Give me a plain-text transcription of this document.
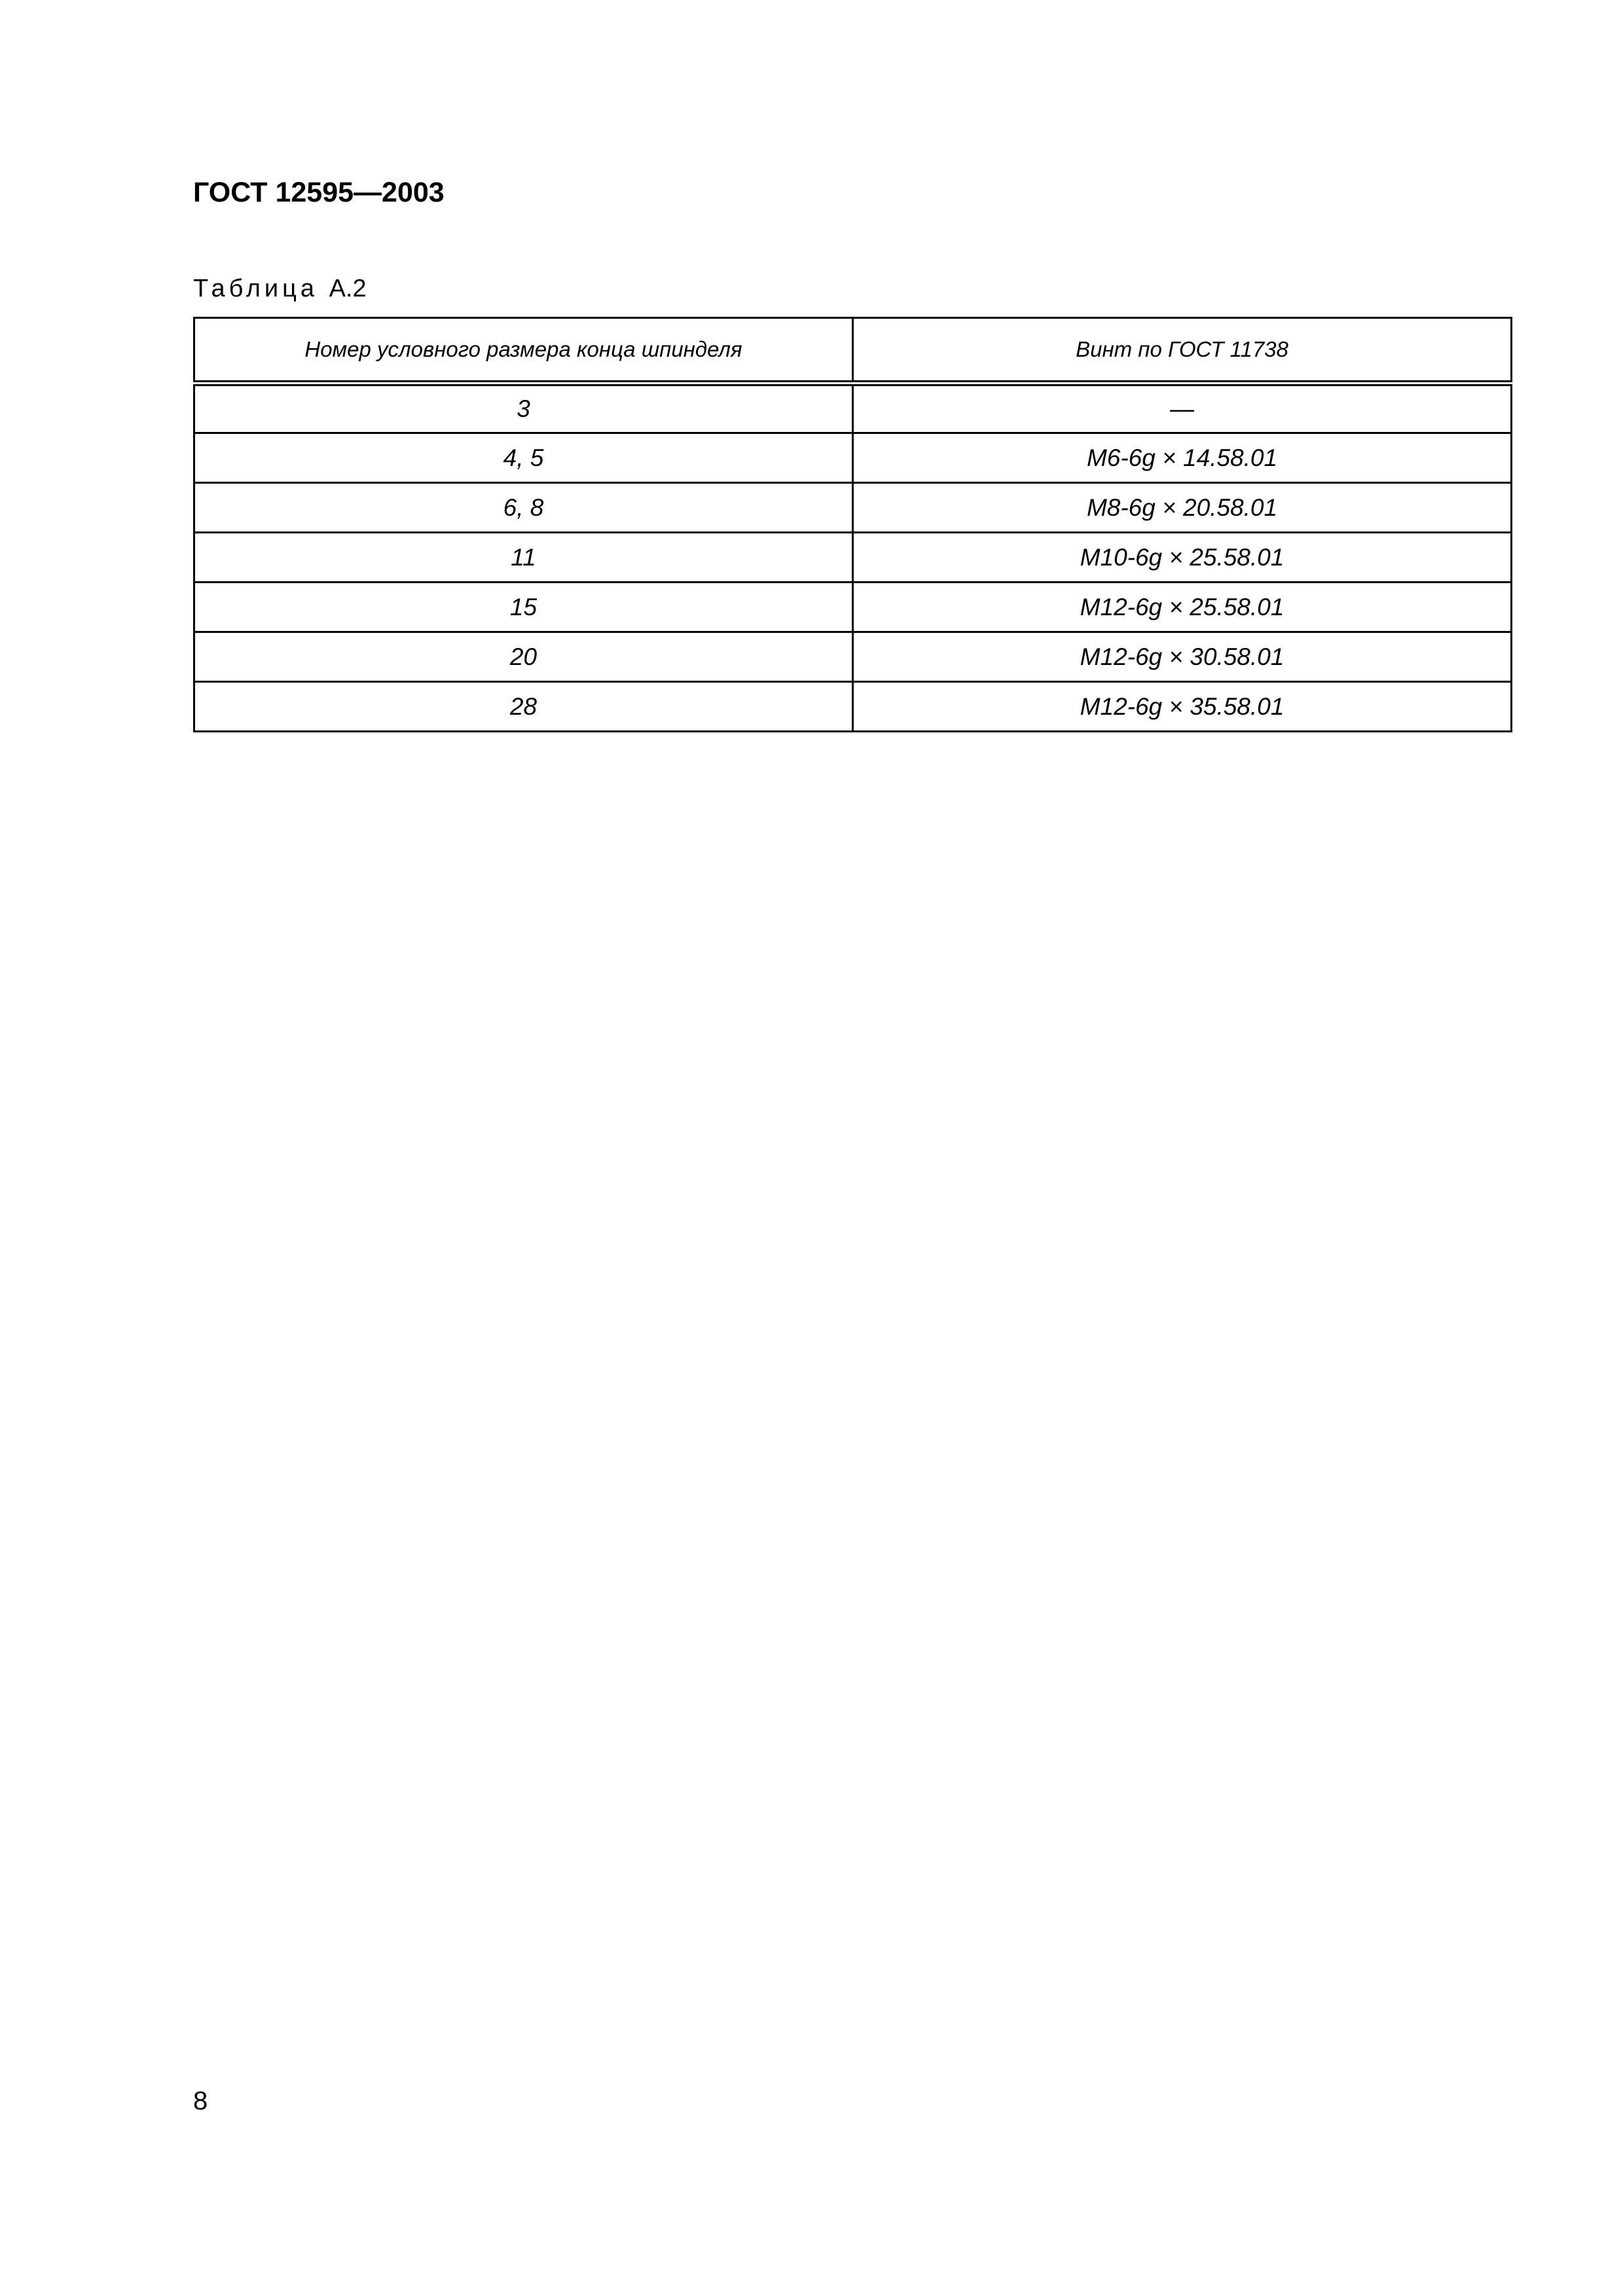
ГОСТ 12595—2003
Таблица А.2
Номер условного размера конца шпинделя	Винт по ГОСТ 11738
3	—
4, 5	М6-6g × 14.58.01
6, 8	М8-6g × 20.58.01
11	М10-6g × 25.58.01
15	М12-6g × 25.58.01
20	М12-6g × 30.58.01
28	М12-6g × 35.58.01
8
